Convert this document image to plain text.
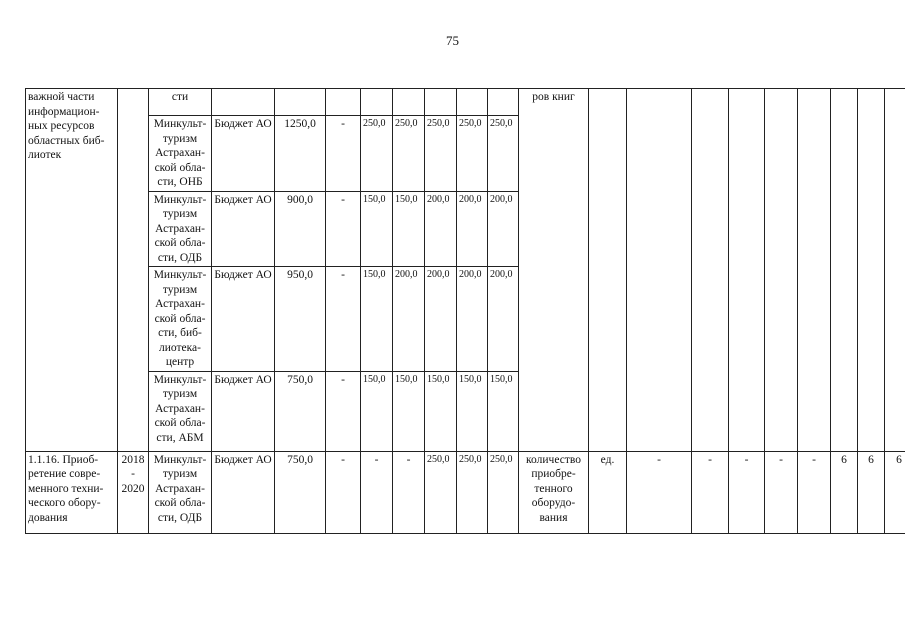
75
важной части информацион-ных ресурсов областных биб-лиотек		сти									ров книг									
		Минкульт-туризм Астрахан-ской обла-сти, ОНБ	Бюджет АО	1250,0	-	250,0	250,0	250,0	250,0	250,0										
		Минкульт-туризм Астрахан-ской обла-сти, ОДБ	Бюджет АО	900,0	-	150,0	150,0	200,0	200,0	200,0										
		Минкульт-туризм Астрахан-ской обла-сти, биб-лиотека-центр	Бюджет АО	950,0	-	150,0	200,0	200,0	200,0	200,0										
		Минкульт-туризм Астрахан-ской обла-сти, АБМ	Бюджет АО	750,0	-	150,0	150,0	150,0	150,0	150,0										
1.1.16. Приоб-ретение совре-менного техни-ческого обору-дования	2018 - 2020	Минкульт-туризм Астрахан-ской обла-сти, ОДБ	Бюджет АО	750,0	-	-	-	250,0	250,0	250,0	количество приобре-тенного оборудо-вания	ед.	-	-	-	-	-	6	6	6
